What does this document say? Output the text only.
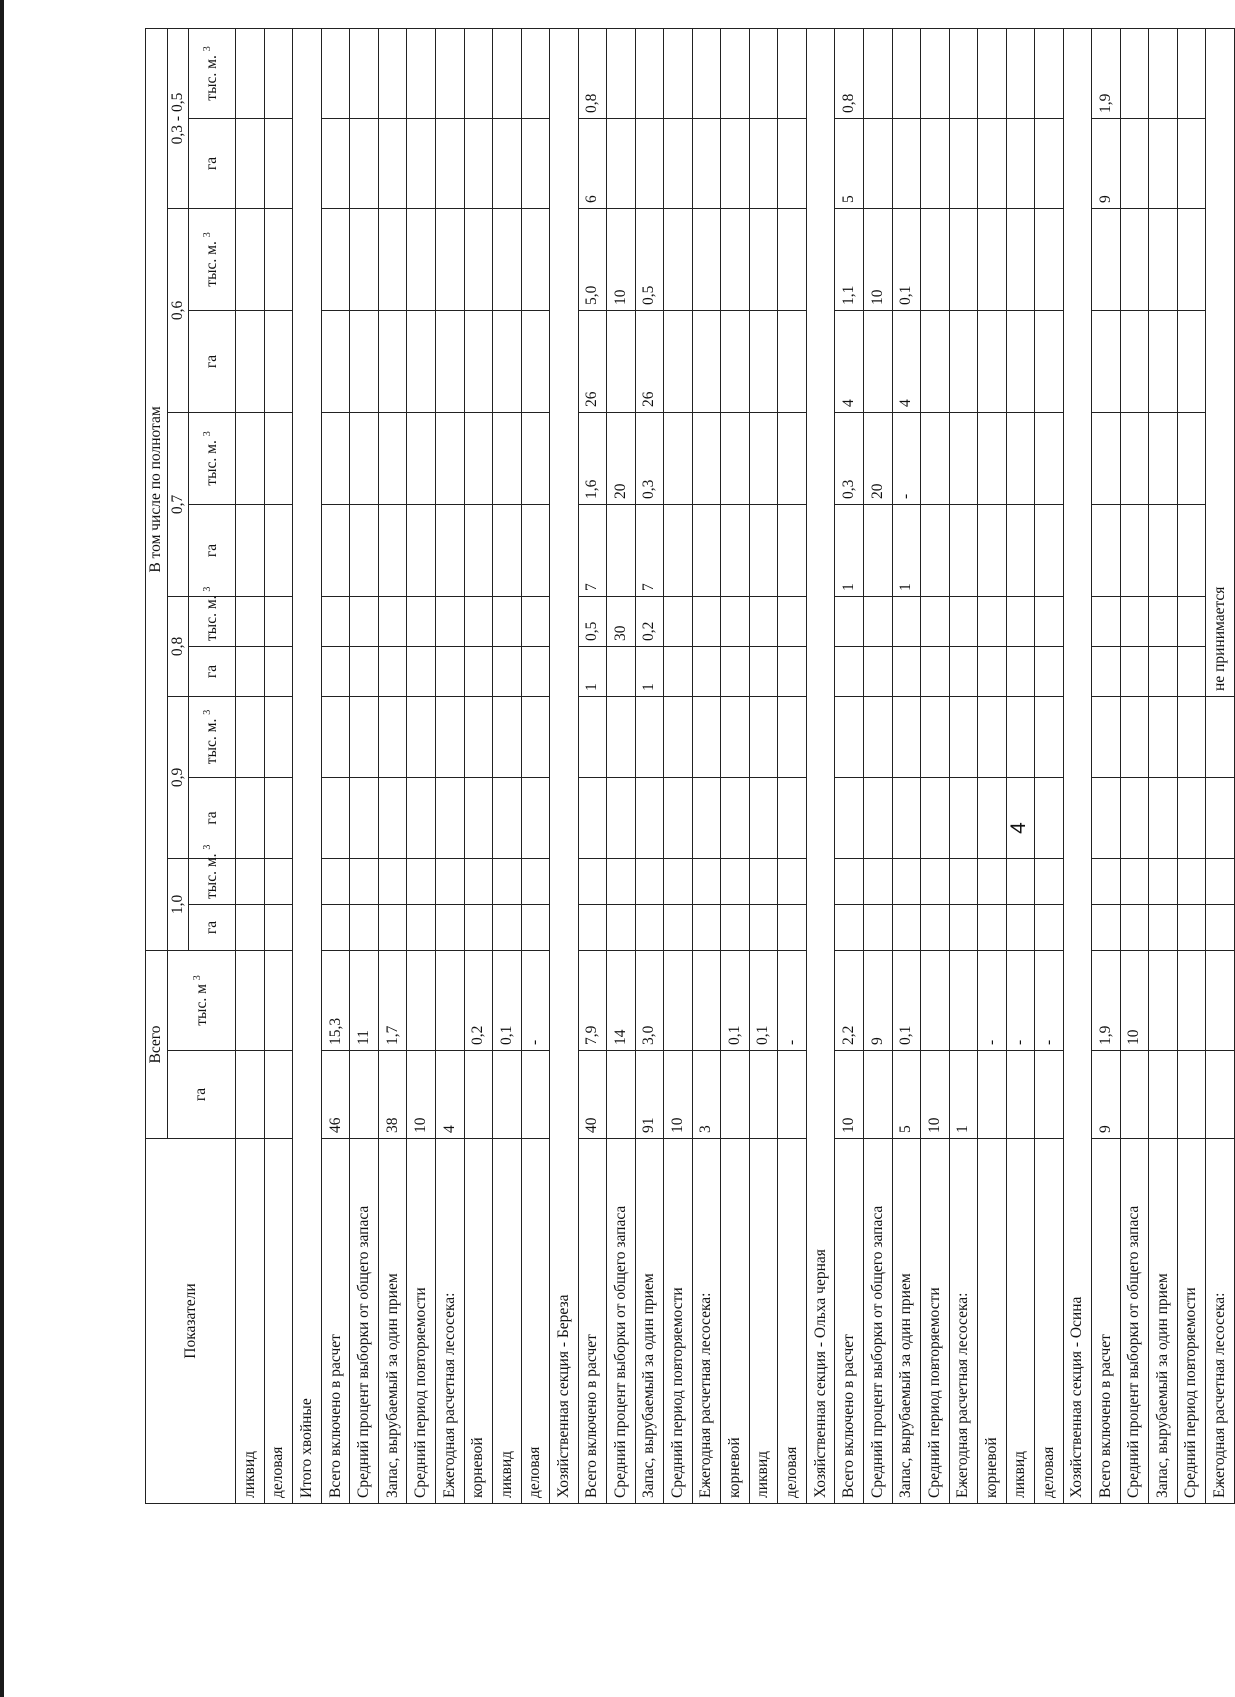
Показатели	Всего		В том числе по полнотам											
	га	тыс. м $^3$	1,0		0,9		0,8		0,7		0,6		0,3 - 0,5	
			га	тыс. м. $^3$	га	тыс. м. $^3$	га	тыс. м. $^3$	га	тыс. м. $^3$	га	тыс. м. $^3$	га	тыс. м. $^3$
ликвид														
деловая														
Итого хвойные														
Всего включено в расчет	46	15,3												
Средний процент выборки от общего запаса		11												
Запас, вырубаемый за один прием	38	1,7												
Средний период повторяемости	10													
Ежегодная расчетная лесосека:	4													
корневой		0,2												
ликвид		0,1												
деловая		-												
Хозяйственная секция - Береза														
Всего включено в расчет	40	7,9					1	0,5	7	1,6	26	5,0	6	0,8
Средний процент выборки от общего запаса		14						30		20		10		
Запас, вырубаемый за один прием	91	3,0					1	0,2	7	0,3	26	0,5		
Средний период повторяемости	10													
Ежегодная расчетная лесосека:	3													
корневой		0,1												
ликвид		0,1												
деловая		-												
Хозяйственная секция - Ольха черная														
Всего включено в расчет	10	2,2							1	0,3	4	1,1	5	0,8
Средний процент выборки от общего запаса		9								20		10		
Запас, вырубаемый за один прием	5	0,1							1	-	4	0,1		
Средний период повторяемости	10													
Ежегодная расчетная лесосека:	1													
корневой		-												
ликвид		-												
деловая		-												
Хозяйственная секция - Осина														
Всего включено в расчет	9	1,9											9	1,9
Средний процент выборки от общего запаса		10												
Запас, вырубаемый за один прием														
Средний период повторяемости														
Ежегодная расчетная лесосека:							не принимается							
4
